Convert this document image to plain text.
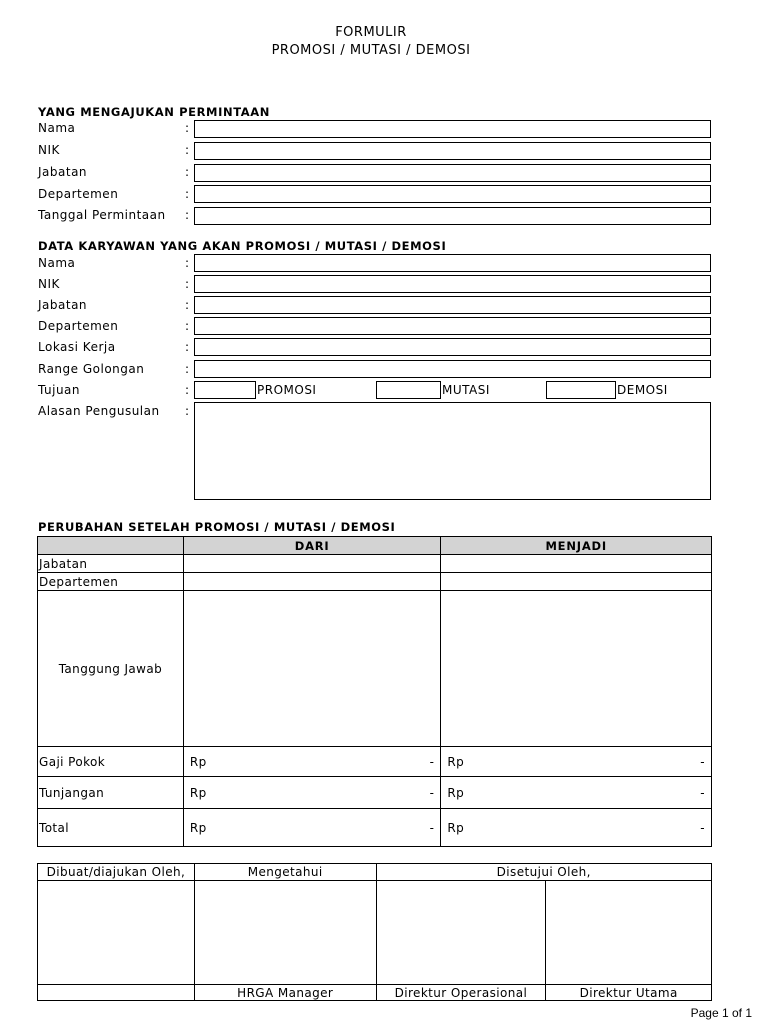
FORMULIR
PROMOSI / MUTASI / DEMOSI
YANG MENGAJUKAN PERMINTAAN
Nama	:
NIK	:
Jabatan	:
Departemen	:
Tanggal Permintaan :
DATA KARYAWAN YANG AKAN PROMOSI / MUTASI / DEMOSI
Nama	:
NIK	:
Jabatan	:
Departemen	:
Lokasi Kerja	:
Range Golongan	:
Tujuan	:	PROMOSI	MUTASI	DEMOSI
Alasan Pengusulan :
PERUBAHAN SETELAH PROMOSI / MUTASI / DEMOSI
	DARI	MENJADI
Jabatan		
Departemen		
Tanggung Jawab		
Gaji Pokok	Rp -	Rp -

Tunjangan	Rp -	Rp -

Total	Rp -	Rp -
Dibuat/diajukan Oleh,	Mengetahui	Disetujui Oleh,	

	HRGA Manager	Direktur Operasional	Direktur Utama
Page 1 of 1
